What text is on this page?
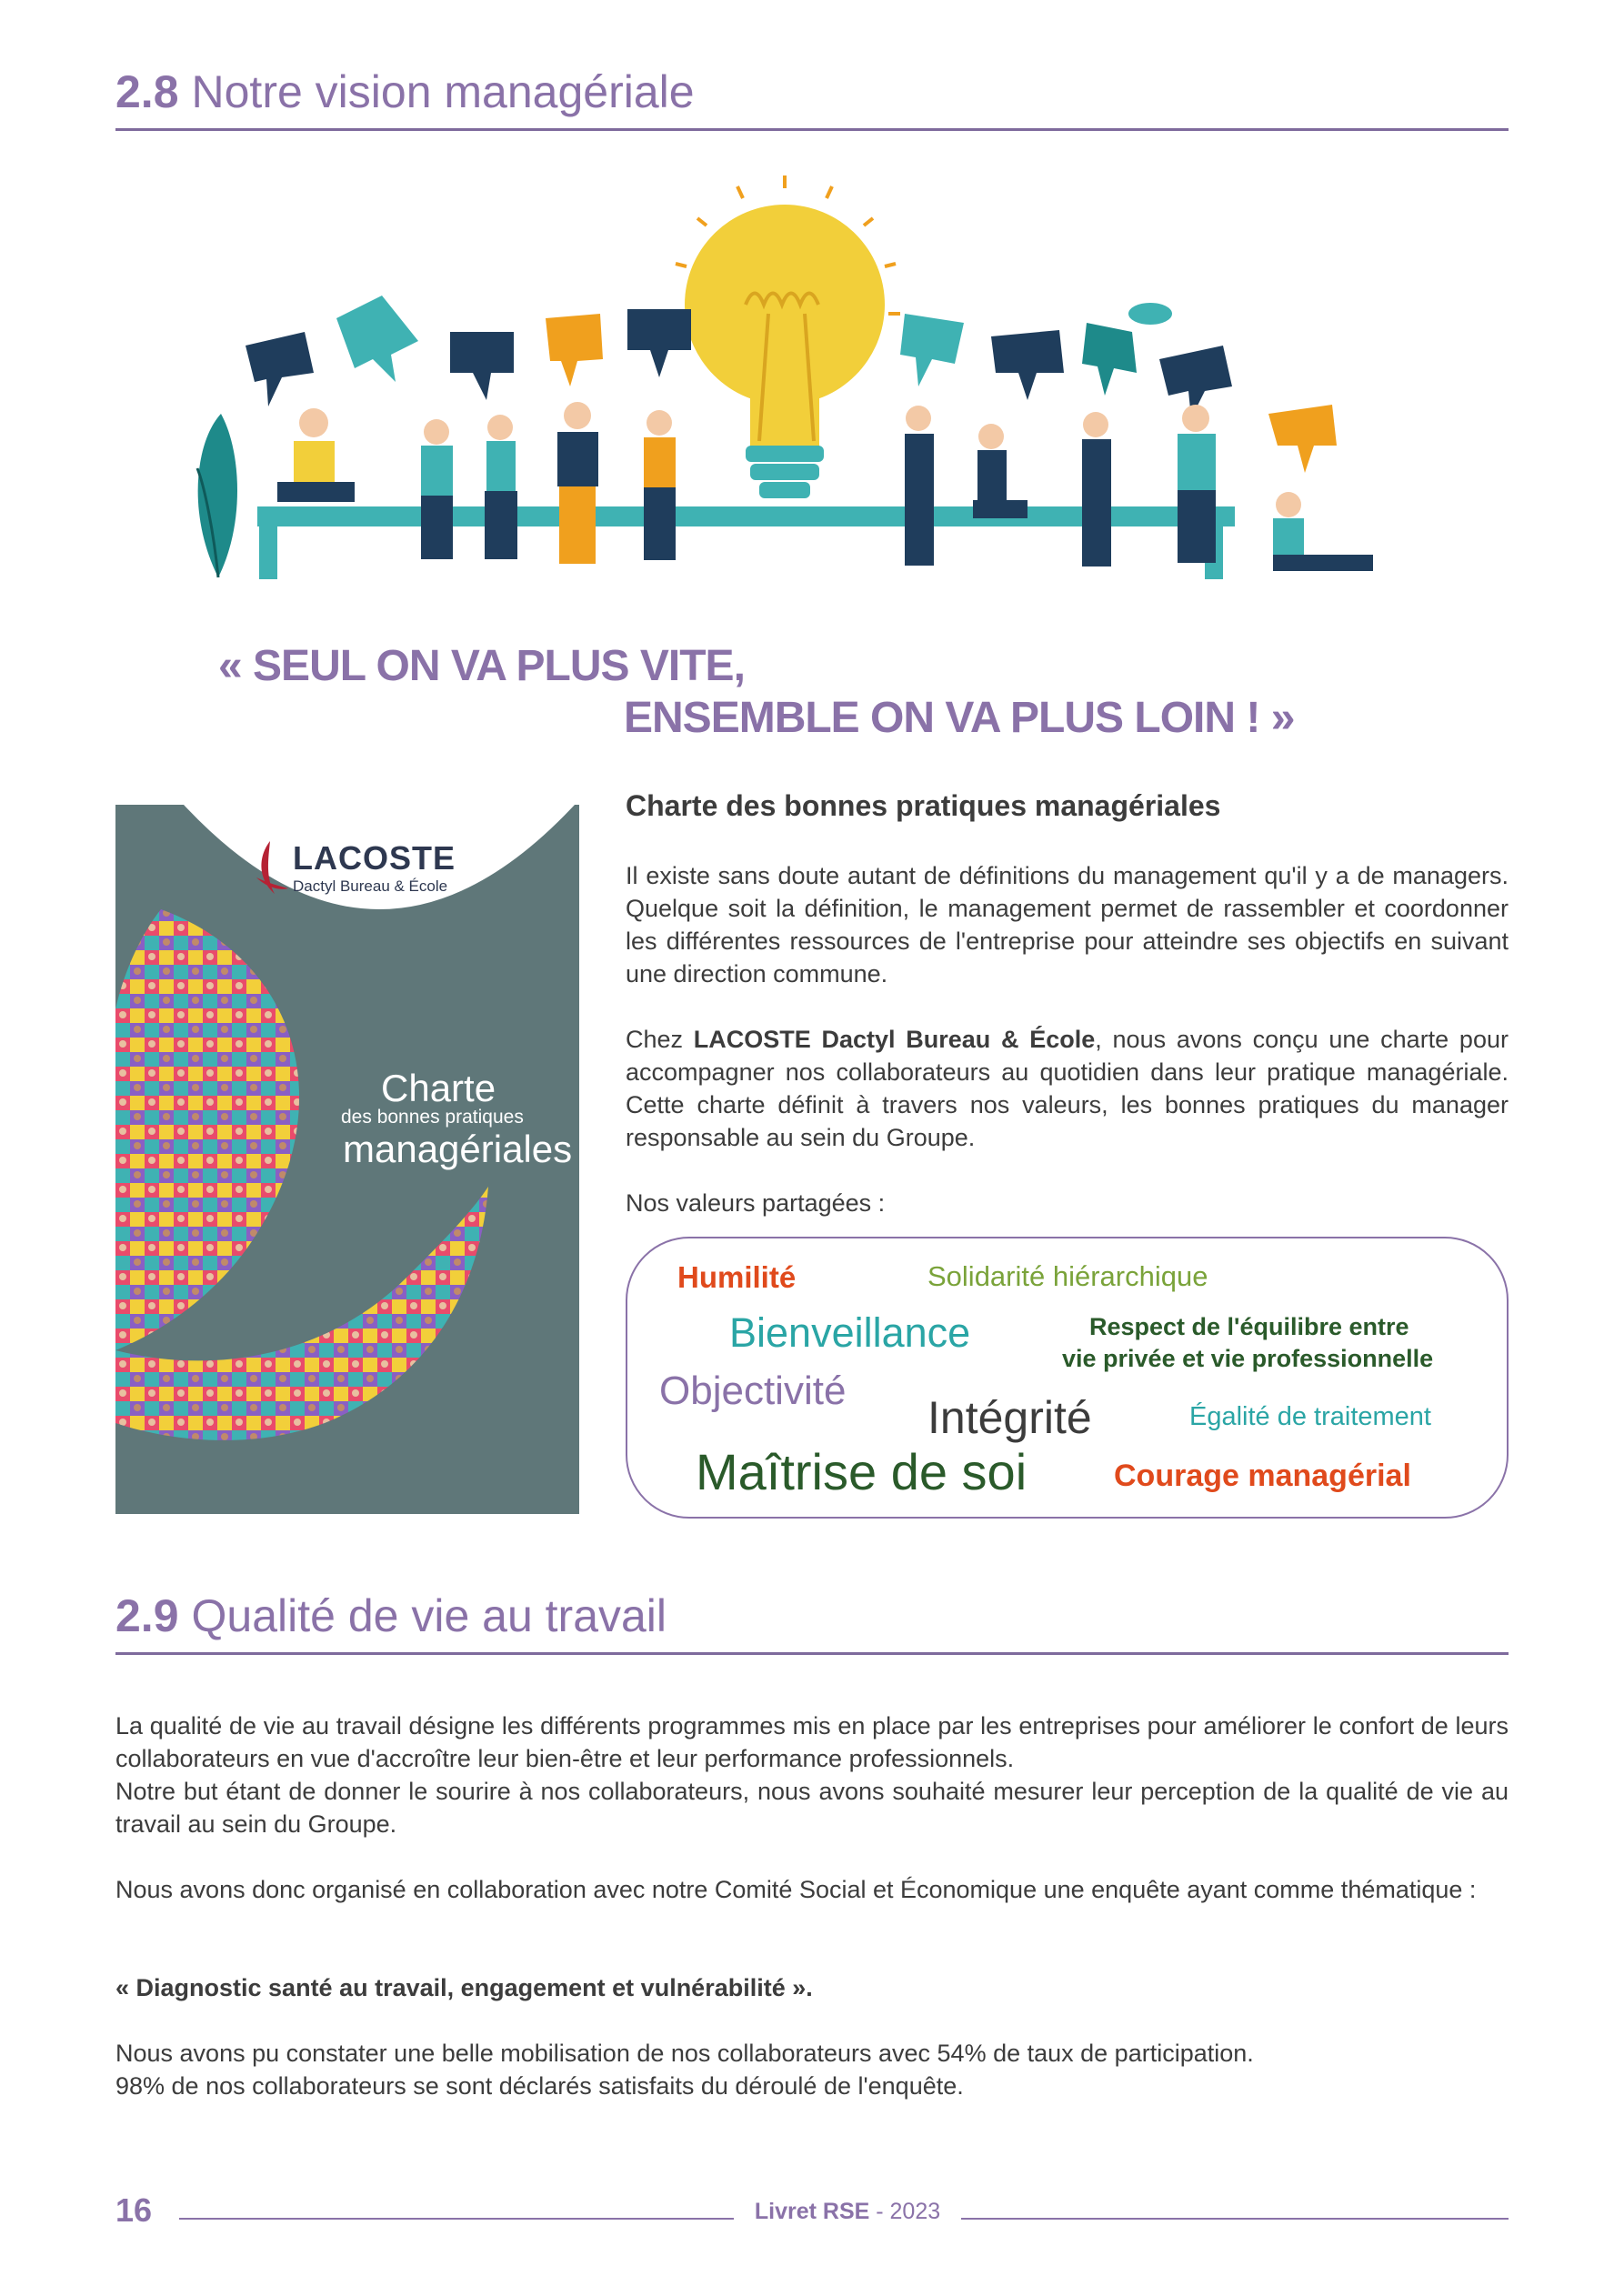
2.8 Notre vision managériale
« SEUL ON VA PLUS VITE,
ENSEMBLE ON VA PLUS LOIN ! »
LACOSTE
Dactyl Bureau & École
Charte
des bonnes pratiques
managériales
Charte des bonnes pratiques managériales

Il existe sans doute autant de définitions du management qu'il y a de managers. Quelque soit la définition, le management permet de rassembler et coordonner les différentes ressources de l'entreprise pour atteindre ses objectifs en suivant une direction commune.

Chez LACOSTE Dactyl Bureau & École, nous avons conçu une charte pour accompagner nos collaborateurs au quotidien dans leur pratique managériale. Cette charte définit à travers nos valeurs, les bonnes pratiques du manager responsable au sein du Groupe.

Nos valeurs partagées :

Humilité	Solidarité hiérarchique
Bienveillance	Respect de l'équilibre entre
vie privée et vie professionnelle
Objectivité
Intégrité	Égalité de traitement
Maîtrise de soi	Courage managérial
2.9 Qualité de vie au travail
La qualité de vie au travail désigne les différents programmes mis en place par les entreprises pour améliorer le confort de leurs collaborateurs en vue d'accroître leur bien-être et leur performance professionnels.
Notre but étant de donner le sourire à nos collaborateurs, nous avons souhaité mesurer leur perception de la qualité de vie au travail au sein du Groupe.

Nous avons donc organisé en collaboration avec notre Comité Social et Économique une enquête ayant comme thématique :

« Diagnostic santé au travail, engagement et vulnérabilité ».

Nous avons pu constater une belle mobilisation de nos collaborateurs avec 54% de taux de participation.
98% de nos collaborateurs se sont déclarés satisfaits du déroulé de l'enquête.
16	Livret RSE - 2023
